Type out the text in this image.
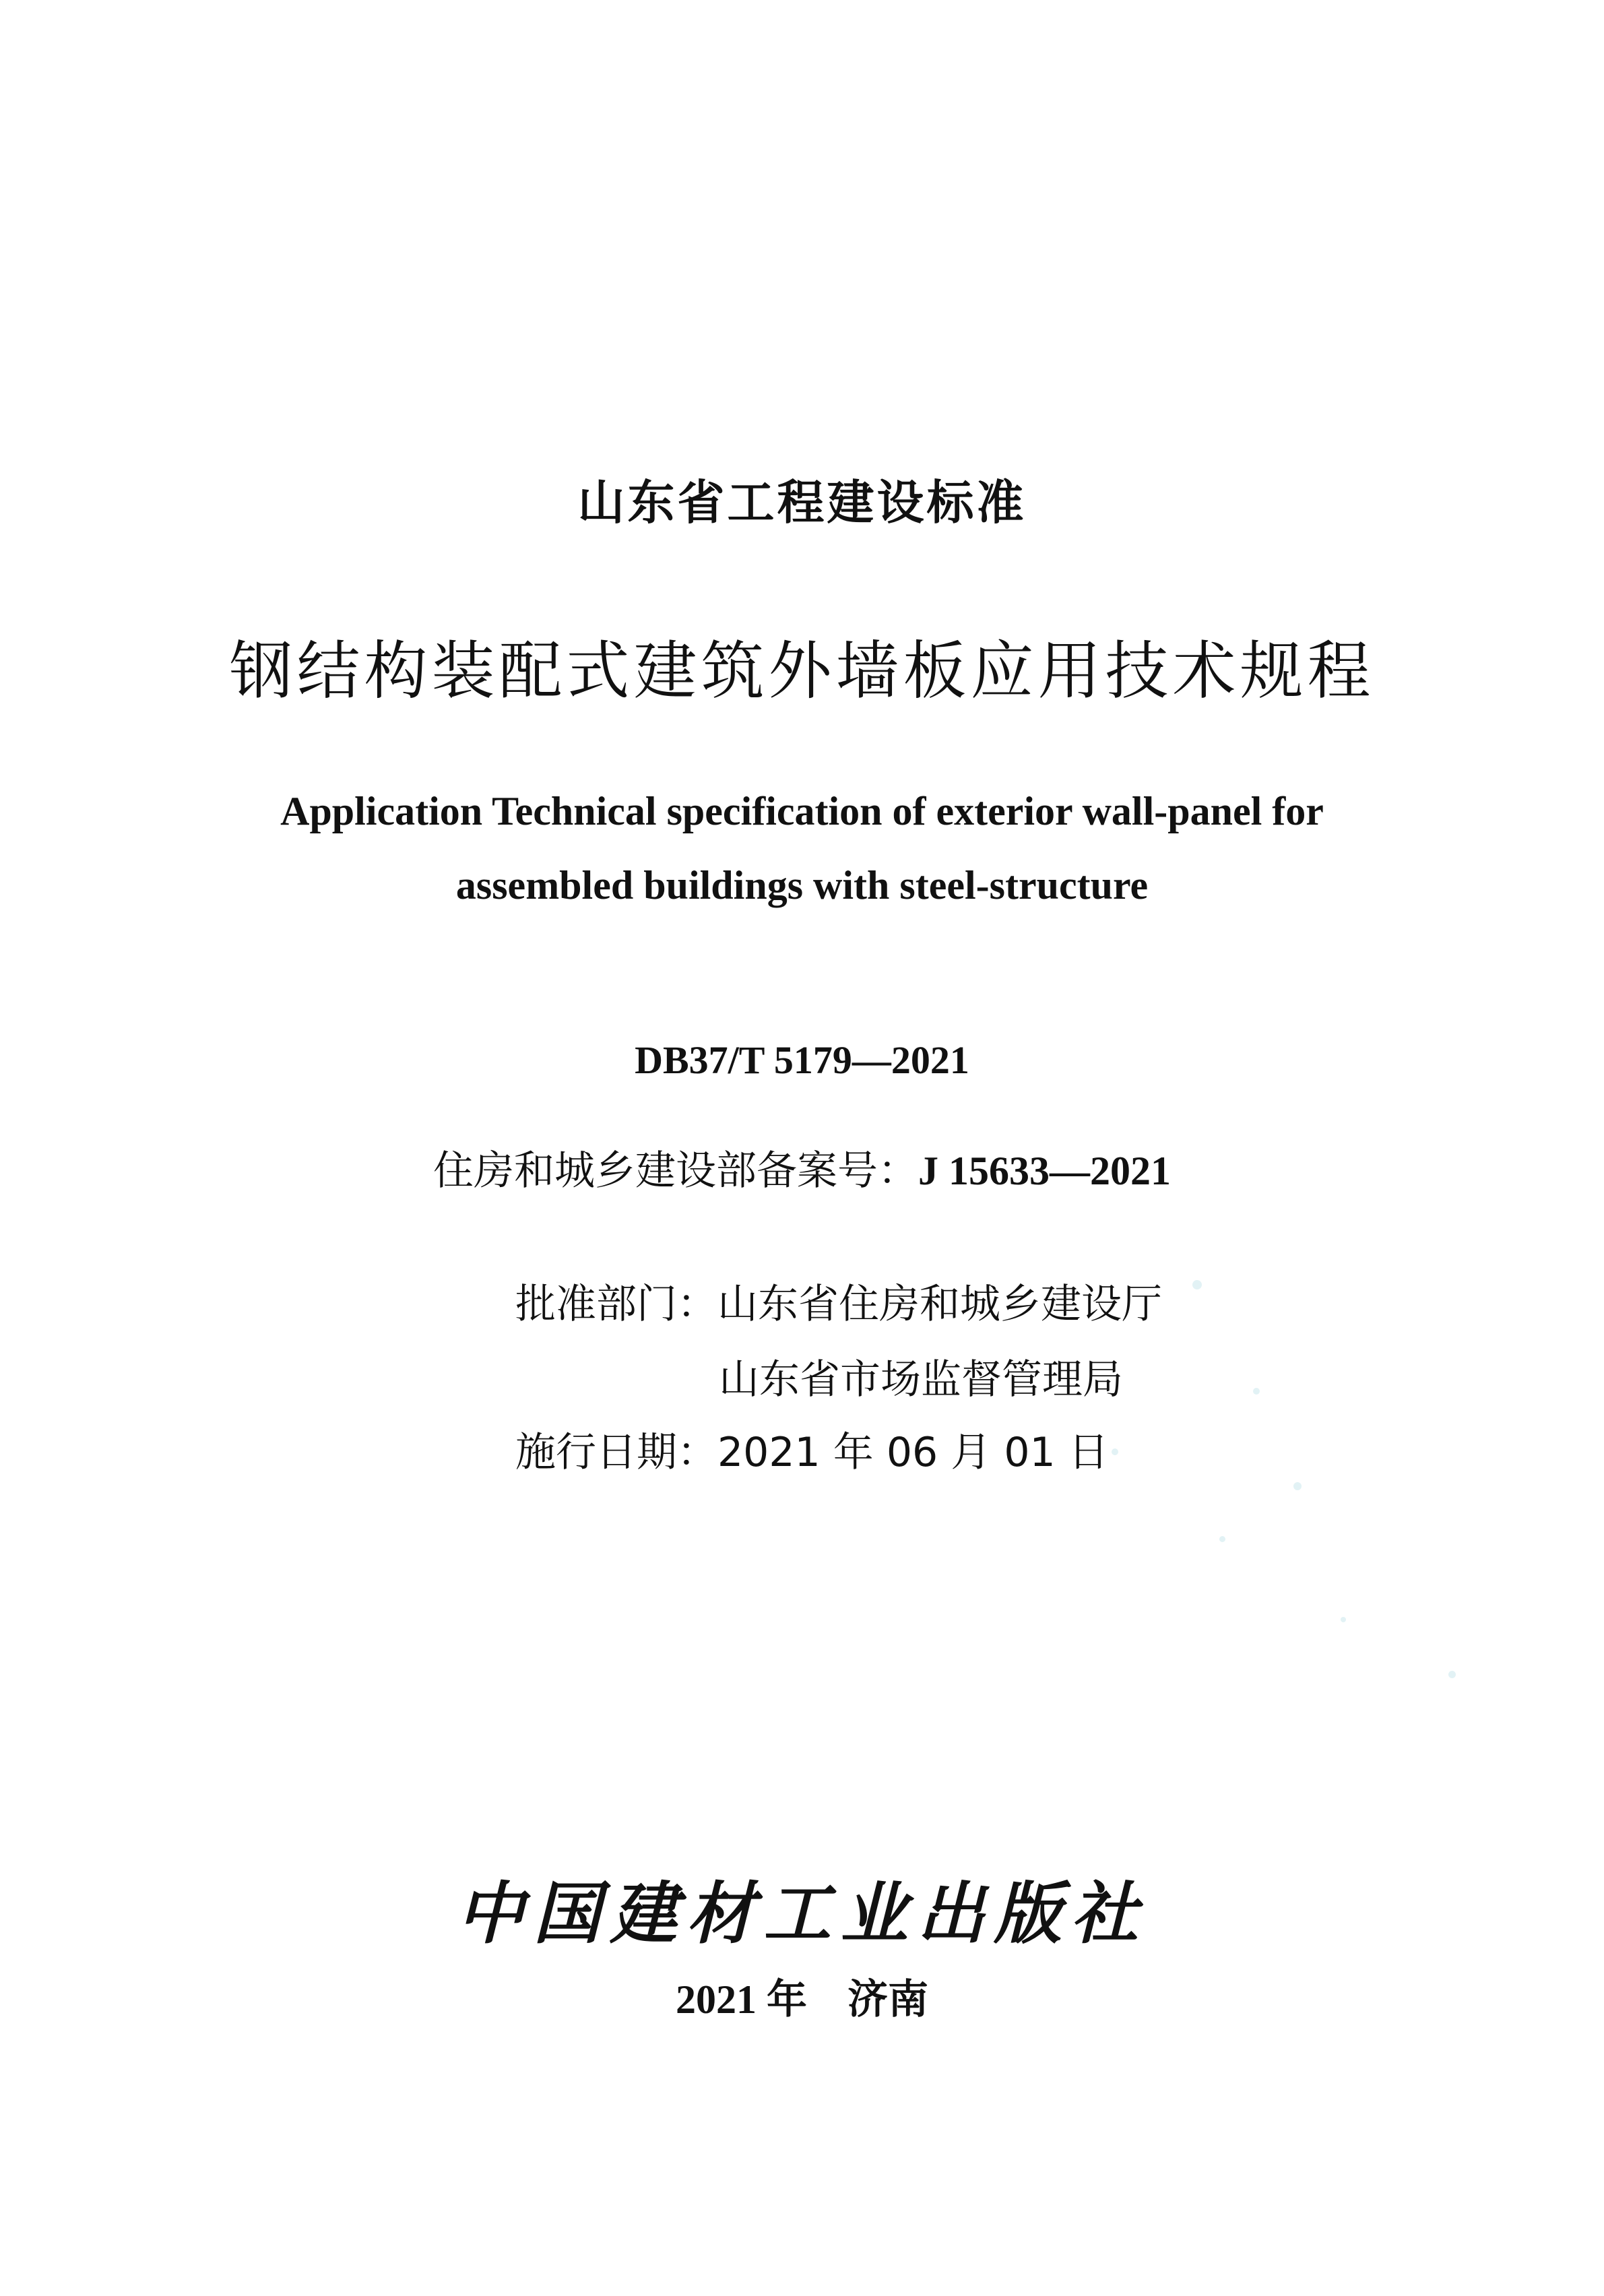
山东省工程建设标准
钢结构装配式建筑外墙板应用技术规程
Application Technical specification of exterior wall-panel for
assembled buildings with steel-structure
DB37/T 5179—2021
住房和城乡建设部备案号：J 15633—2021
批准部门：山东省住房和城乡建设厅
山东省市场监督管理局
施行日期：2021 年 06 月 01 日
中国建材工业出版社
2021 年 济南
